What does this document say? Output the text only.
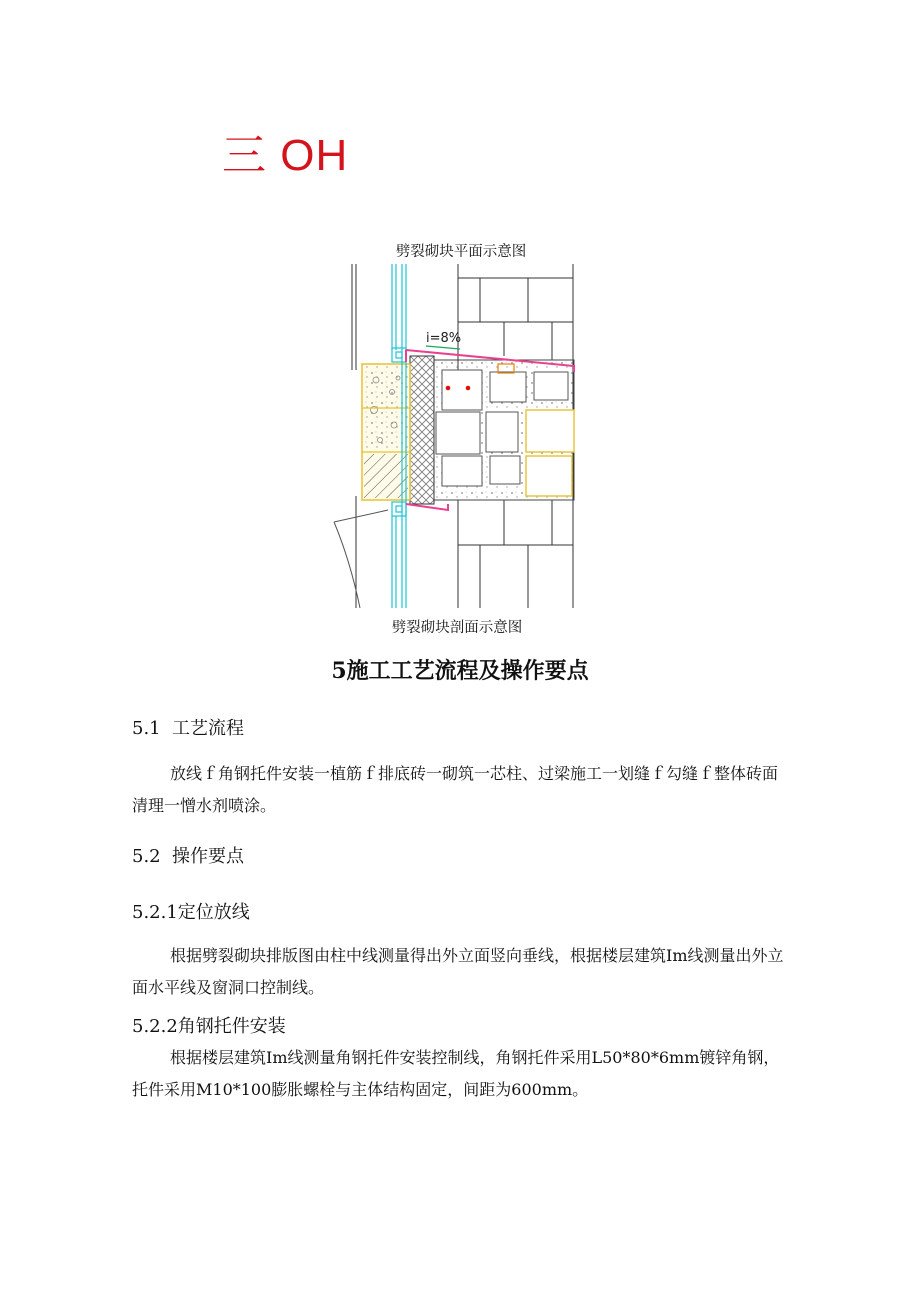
三 OH
劈裂砌块平面示意图
i=8%
劈裂砌块剖面示意图
5施工工艺流程及操作要点
5.1 工艺流程

放线ｆ角钢托件安装一植筋ｆ排底砖一砌筑一芯柱、过梁施工一划缝ｆ勾缝ｆ整体砖面清理一憎水剂喷涂。

5.2 操作要点
5.2.1定位放线

根据劈裂砌块排版图由柱中线测量得出外立面竖向垂线，根据楼层建筑Im线测量出外立面水平线及窗洞口控制线。

5.2.2角钢托件安装

根据楼层建筑Im线测量角钢托件安装控制线，角钢托件采用L50*80*6mm镀锌角钢，托件采用M10*100膨胀螺栓与主体结构固定，间距为600mm。
